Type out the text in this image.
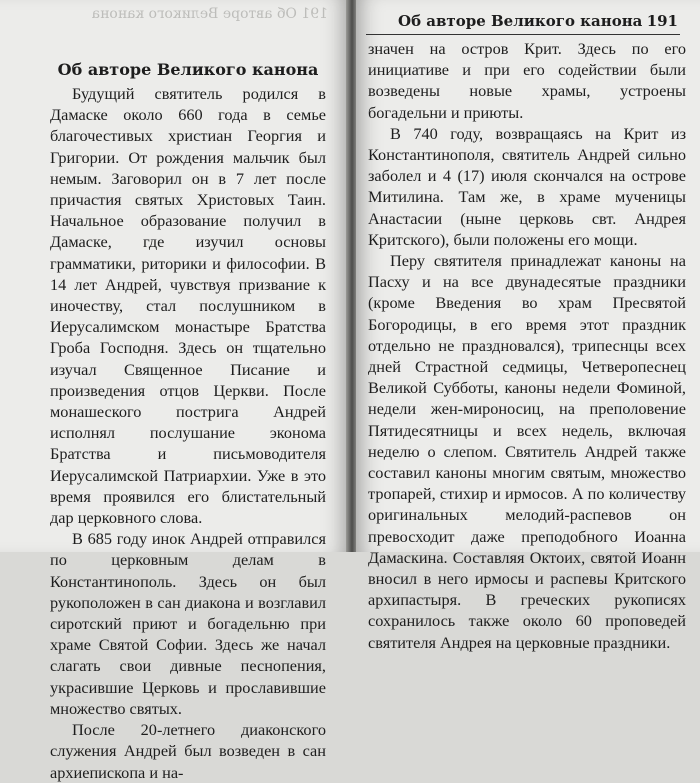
191 Об авторе Великого канона
Об авторе Великого канона

Будущий святитель родился в Дамаске около 660 года в семье благочестивых христиан Георгия и Григории. От рождения мальчик был немым. Заговорил он в 7 лет после причастия святых Христовых Таин. Начальное образование получил в Дамаске, где изучил основы грамматики, риторики и философии. В 14 лет Андрей, чувствуя призвание к иночеству, стал послушником в Иерусалимском монастыре Братства Гроба Господня. Здесь он тщательно изучал Священное Писание и произведения отцов Церкви. После монашеского пострига Андрей исполнял послушание эконома Братства и письмоводителя Иерусалимской Патриархии. Уже в это время проявился его блистательный дар церковного слова.

В 685 году инок Андрей отправился по церковным делам в Константинополь. Здесь он был рукоположен в сан диакона и возглавил сиротский приют и богадельню при храме Святой Софии. Здесь же начал слагать свои дивные песнопения, украсившие Церковь и прославившие множество святых.

После 20-летнего диаконского служения Андрей был возведен в сан архиепископа и на-

Об авторе Великого канона 191

значен на остров Крит. Здесь по его инициативе и при его содействии были возведены новые храмы, устроены богадельни и приюты.

В 740 году, возвращаясь на Крит из Константинополя, святитель Андрей сильно заболел и 4 (17) июля скончался на острове Митилина. Там же, в храме мученицы Анастасии (ныне церковь свт. Андрея Критского), были положены его мощи.

Перу святителя принадлежат каноны на Пасху и на все двунадесятые праздники (кроме Введения во храм Пресвятой Богородицы, в его время этот праздник отдельно не праздновался), трипеснцы всех дней Страстной седмицы, Четверопеснец Великой Субботы, каноны недели Фоминой, недели жен-мироносиц, на преполовение Пятидесятницы и всех недель, включая неделю о слепом. Святитель Андрей также составил каноны многим святым, множество тропарей, стихир и ирмосов. А по количеству оригинальных мелодий-распевов он превосходит даже преподобного Иоанна Дамаскина. Составляя Октоих, святой Иоанн вносил в него ирмосы и распевы Критского архипастыря. В греческих рукописях сохранилось также около 60 проповедей святителя Андрея на церковные праздники.
